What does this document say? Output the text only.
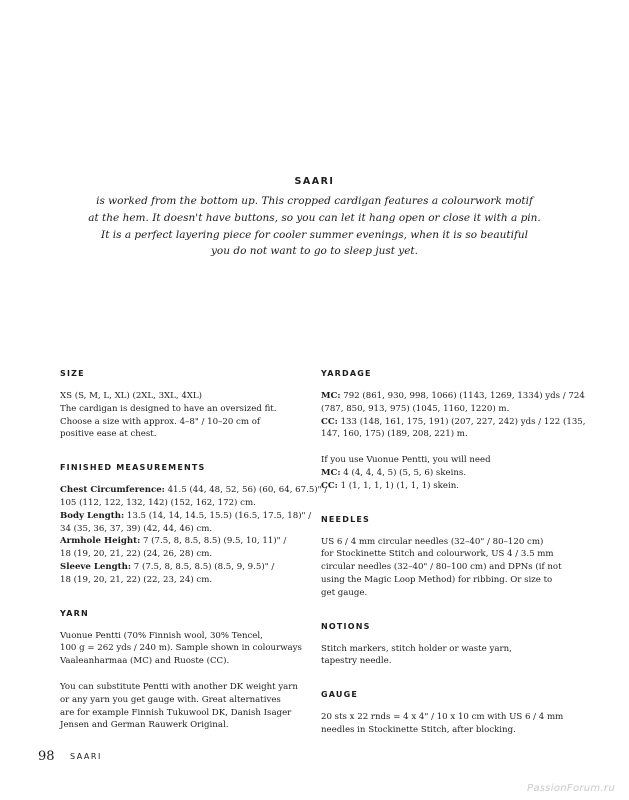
SAARI
is worked from the bottom up. This cropped cardigan features a colourwork motif
at the hem. It doesn't have buttons, so you can let it hang open or close it with a pin.
It is a perfect layering piece for cooler summer evenings, when it is so beautiful
you do not want to go to sleep just yet.
SIZE
XS (S, M, L, XL) (2XL, 3XL, 4XL)
The cardigan is designed to have an oversized fit.
Choose a size with approx. 4–8" / 10–20 cm of
positive ease at chest.
FINISHED MEASUREMENTS
Chest Circumference: 41.5 (44, 48, 52, 56) (60, 64, 67.5)" /
105 (112, 122, 132, 142) (152, 162, 172) cm.
Body Length: 13.5 (14, 14, 14.5, 15.5) (16.5, 17.5, 18)" /
34 (35, 36, 37, 39) (42, 44, 46) cm.
Armhole Height: 7 (7.5, 8, 8.5, 8.5) (9.5, 10, 11)" /
18 (19, 20, 21, 22) (24, 26, 28) cm.
Sleeve Length: 7 (7.5, 8, 8.5, 8.5) (8.5, 9, 9.5)" /
18 (19, 20, 21, 22) (22, 23, 24) cm.
YARN
Vuonue Pentti (70% Finnish wool, 30% Tencel,
100 g = 262 yds / 240 m). Sample shown in colourways
Vaaleanharmaa (MC) and Ruoste (CC).
You can substitute Pentti with another DK weight yarn
or any yarn you get gauge with. Great alternatives
are for example Finnish Tukuwool DK, Danish Isager
Jensen and German Rauwerk Original.
YARDAGE
MC: 792 (861, 930, 998, 1066) (1143, 1269, 1334) yds / 724
(787, 850, 913, 975) (1045, 1160, 1220) m.
CC: 133 (148, 161, 175, 191) (207, 227, 242) yds / 122 (135,
147, 160, 175) (189, 208, 221) m.
If you use Vuonue Pentti, you will need
MC: 4 (4, 4, 4, 5) (5, 5, 6) skeins.
CC: 1 (1, 1, 1, 1) (1, 1, 1) skein.
NEEDLES
US 6 / 4 mm circular needles (32–40" / 80–120 cm)
for Stockinette Stitch and colourwork, US 4 / 3.5 mm
circular needles (32–40" / 80–100 cm) and DPNs (if not
using the Magic Loop Method) for ribbing. Or size to
get gauge.
NOTIONS
Stitch markers, stitch holder or waste yarn,
tapestry needle.
GAUGE
20 sts x 22 rnds = 4 x 4" / 10 x 10 cm with US 6 / 4 mm
needles in Stockinette Stitch, after blocking.
98 SAARI
PassionForum.ru
